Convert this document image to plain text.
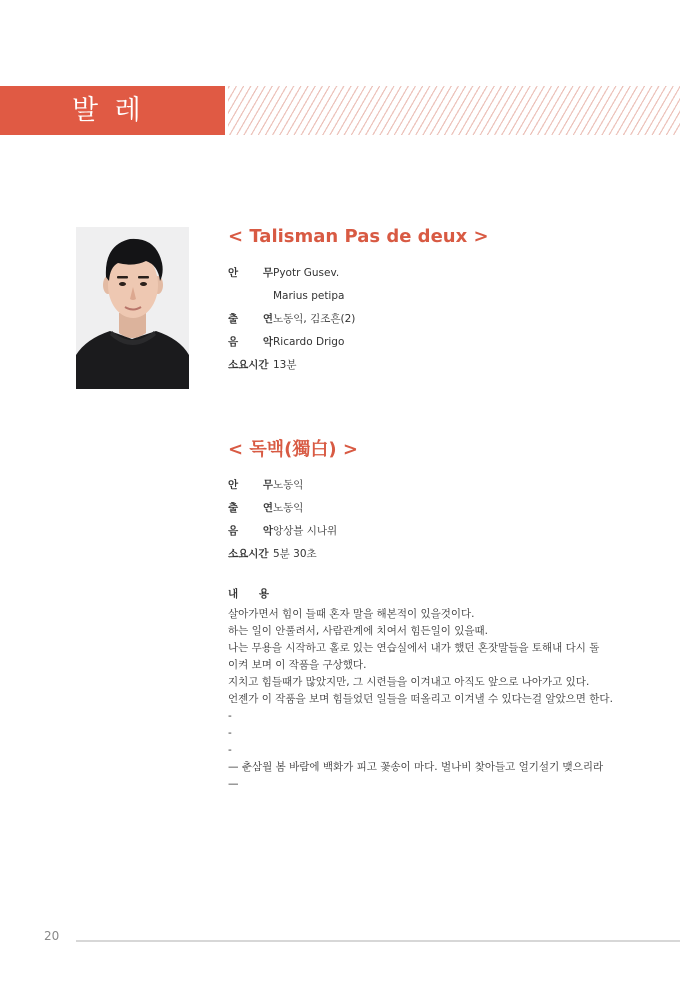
발 레
< Talisman Pas de deux >
안 무 Pyotr Gusev.
Marius petipa
출 연 노동익, 김조흔(2)
음 악 Ricardo Drigo
소요시간 13분
< 독백(獨白) >
안 무 노동익
출 연 노동익
음 악 앙상블 시나위
소요시간 5분 30초
내 용
살아가면서 힘이 들때 혼자 말을 해본적이 있을것이다.
하는 일이 안풀려서, 사람관계에 치여서 힘든일이 있을때.
나는 무용을 시작하고 홀로 있는 연습실에서 내가 했던 혼잣말들을 토해내 다시 돌
이켜 보며 이 작품을 구상했다.
지치고 힘들때가 많았지만, 그 시련들을 이겨내고 아직도 앞으로 나아가고 있다.
언젠가 이 작품을 보며 힘들었던 일들을 떠올리고 이겨낼 수 있다는걸 알았으면 한다.
-
-
-
— 춘삼월 봄 바람에 백화가 피고 꽃송이 마다. 벌나비 찾아들고 얼기설기 맺으리라
—
20
